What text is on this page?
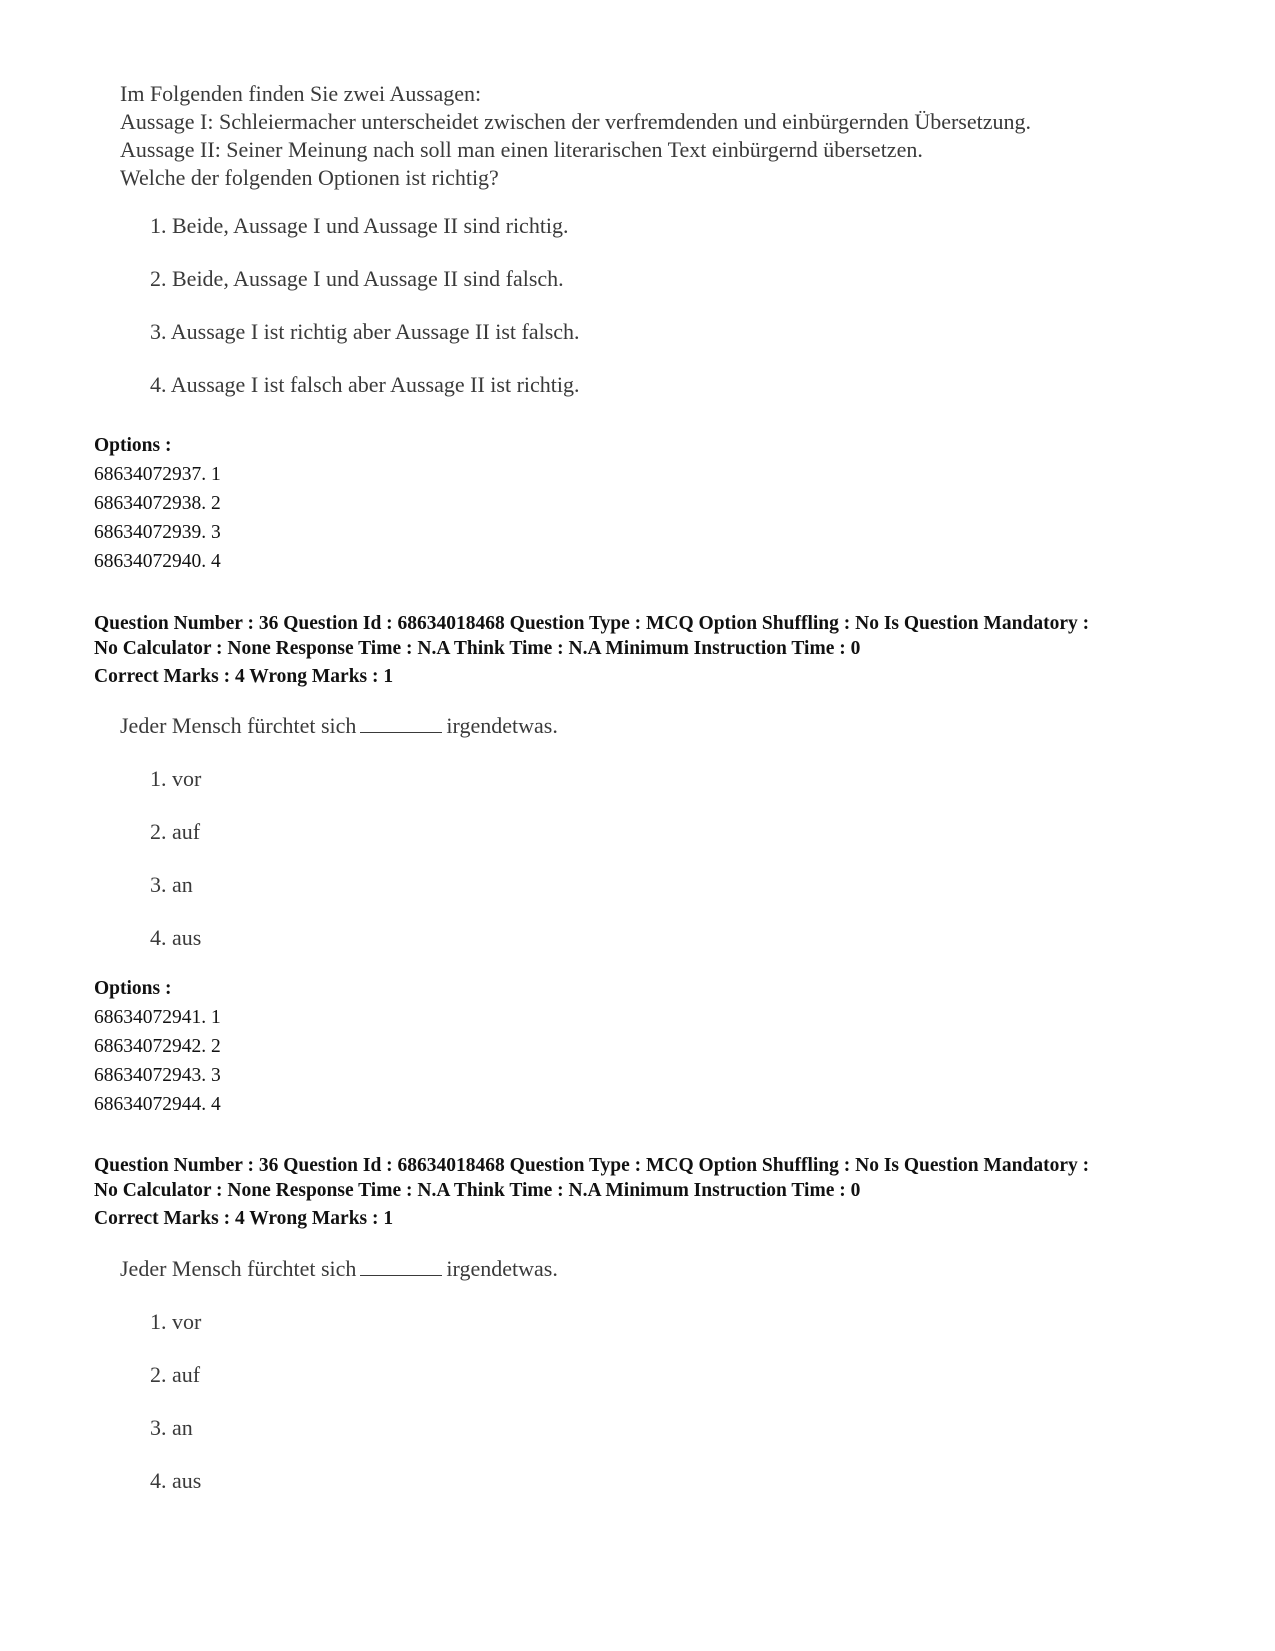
Im Folgenden finden Sie zwei Aussagen:
Aussage I: Schleiermacher unterscheidet zwischen der verfremdenden und einbürgernden Übersetzung.
Aussage II: Seiner Meinung nach soll man einen literarischen Text einbürgernd übersetzen.
Welche der folgenden Optionen ist richtig?
1. Beide, Aussage I und Aussage II sind richtig.
2. Beide, Aussage I und Aussage II sind falsch.
3. Aussage I ist richtig aber Aussage II ist falsch.
4. Aussage I ist falsch aber Aussage II ist richtig.
Options :
68634072937. 1
68634072938. 2
68634072939. 3
68634072940. 4
Question Number : 36 Question Id : 68634018468 Question Type : MCQ Option Shuffling : No Is Question Mandatory :
No Calculator : None Response Time : N.A Think Time : N.A Minimum Instruction Time : 0
Correct Marks : 4 Wrong Marks : 1
Jeder Mensch fürchtet sich	irgendetwas.
1. vor
2. auf
3. an
4. aus
Options :
68634072941. 1
68634072942. 2
68634072943. 3
68634072944. 4
Question Number : 36 Question Id : 68634018468 Question Type : MCQ Option Shuffling : No Is Question Mandatory :
No Calculator : None Response Time : N.A Think Time : N.A Minimum Instruction Time : 0
Correct Marks : 4 Wrong Marks : 1
Jeder Mensch fürchtet sich	irgendetwas.
1. vor
2. auf
3. an
4. aus
